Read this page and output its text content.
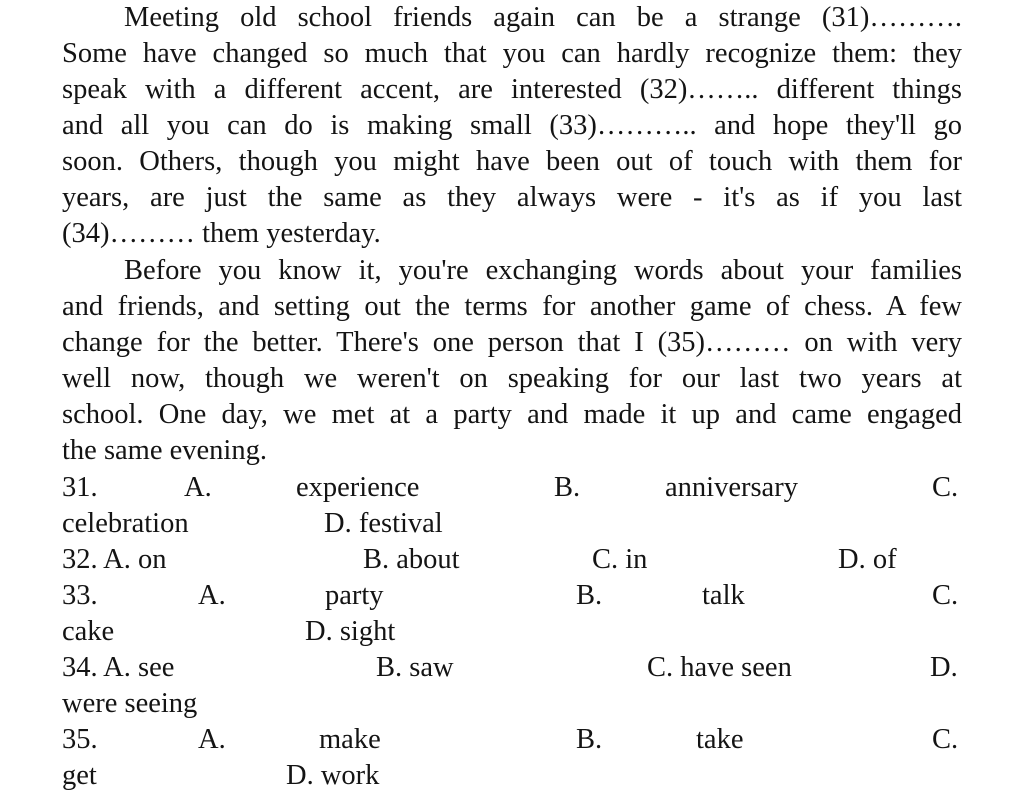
Meeting old school friends again can be a strange (31)……….
Some have changed so much that you can hardly recognize them: they
speak with a different accent, are interested (32)…….. different things
and all you can do is making small (33)……….. and hope they'll go
soon. Others, though you might have been out of touch with them for
years, are just the same as they always were - it's as if you last
(34)……… them yesterday.
Before you know it, you're exchanging words about your families
and friends, and setting out the terms for another game of chess. A few
change for the better. There's one person that I (35)……… on with very
well now, though we weren't on speaking for our last two years at
school. One day, we met at a party and made it up and came engaged
the same evening.
31.	A.	experience	B.	anniversary	C.
celebration	D. festival
32. A. on	B. about	C. in	D. of
33.	A.	party	B.	talk	C.
cake	D. sight
34. A. see	B. saw	C. have seen	D.
were seeing
35.	A.	make	B.	take	C.
get	D. work
